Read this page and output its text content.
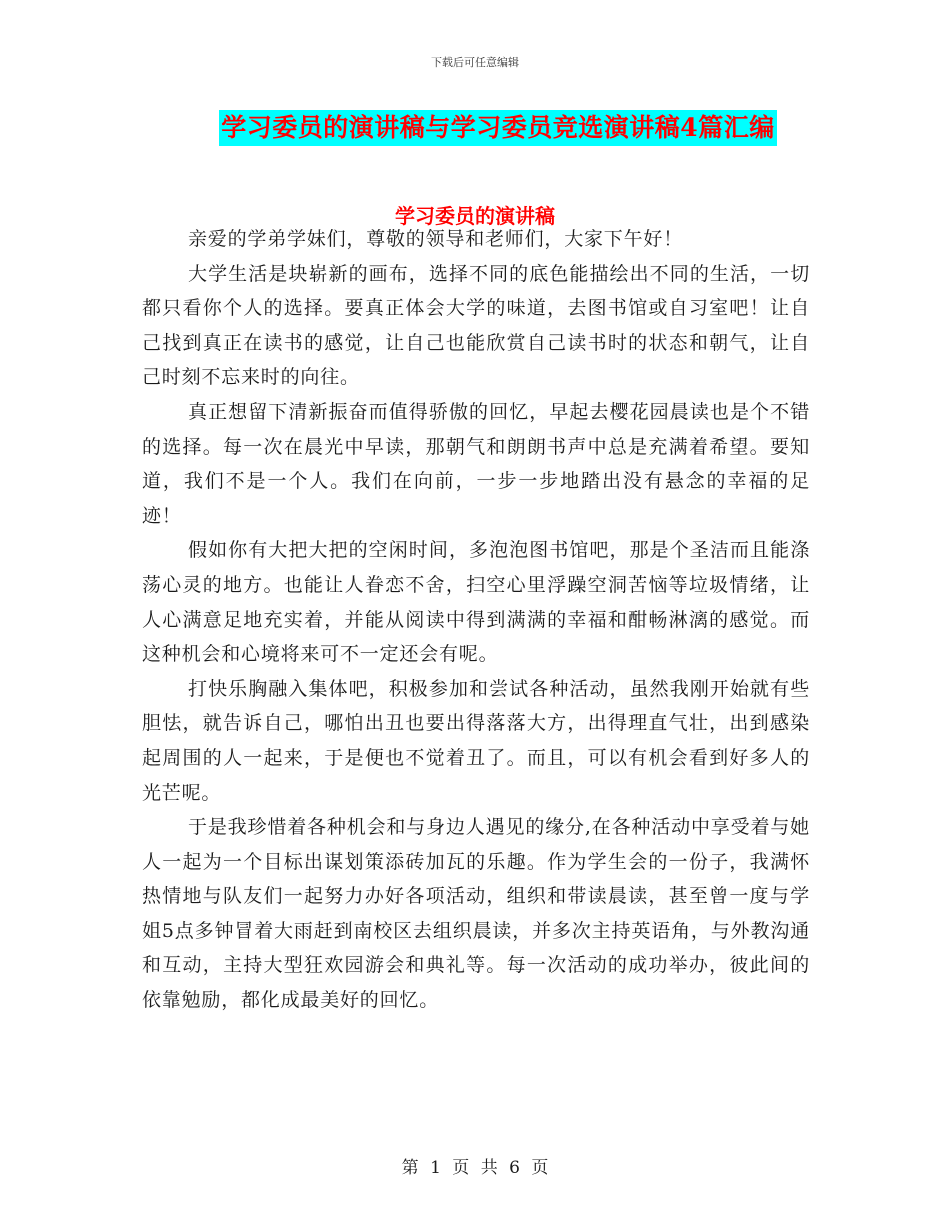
下载后可任意编辑
学习委员的演讲稿与学习委员竞选演讲稿4篇汇编
学习委员的演讲稿

亲爱的学弟学妹们，尊敬的领导和老师们，大家下午好！

大学生活是块崭新的画布，选择不同的底色能描绘出不同的生活，一切都只看你个人的选择。要真正体会大学的味道，去图书馆或自习室吧！让自己找到真正在读书的感觉，让自己也能欣赏自己读书时的状态和朝气，让自己时刻不忘来时的向往。

真正想留下清新振奋而值得骄傲的回忆，早起去樱花园晨读也是个不错的选择。每一次在晨光中早读，那朝气和朗朗书声中总是充满着希望。要知道，我们不是一个人。我们在向前，一步一步地踏出没有悬念的幸福的足迹！

假如你有大把大把的空闲时间，多泡泡图书馆吧，那是个圣洁而且能涤荡心灵的地方。也能让人眷恋不舍，扫空心里浮躁空洞苦恼等垃圾情绪，让人心满意足地充实着，并能从阅读中得到满满的幸福和酣畅淋漓的感觉。而这种机会和心境将来可不一定还会有呢。

打快乐胸融入集体吧，积极参加和尝试各种活动，虽然我刚开始就有些胆怯，就告诉自己，哪怕出丑也要出得落落大方，出得理直气壮，出到感染起周围的人一起来，于是便也不觉着丑了。而且，可以有机会看到好多人的光芒呢。

于是我珍惜着各种机会和与身边人遇见的缘分,在各种活动中享受着与她人一起为一个目标出谋划策添砖加瓦的乐趣。作为学生会的一份子，我满怀热情地与队友们一起努力办好各项活动，组织和带读晨读，甚至曾一度与学姐5点多钟冒着大雨赶到南校区去组织晨读，并多次主持英语角，与外教沟通和互动，主持大型狂欢园游会和典礼等。每一次活动的成功举办，彼此间的依靠勉励，都化成最美好的回忆。

第 1 页 共 6 页
